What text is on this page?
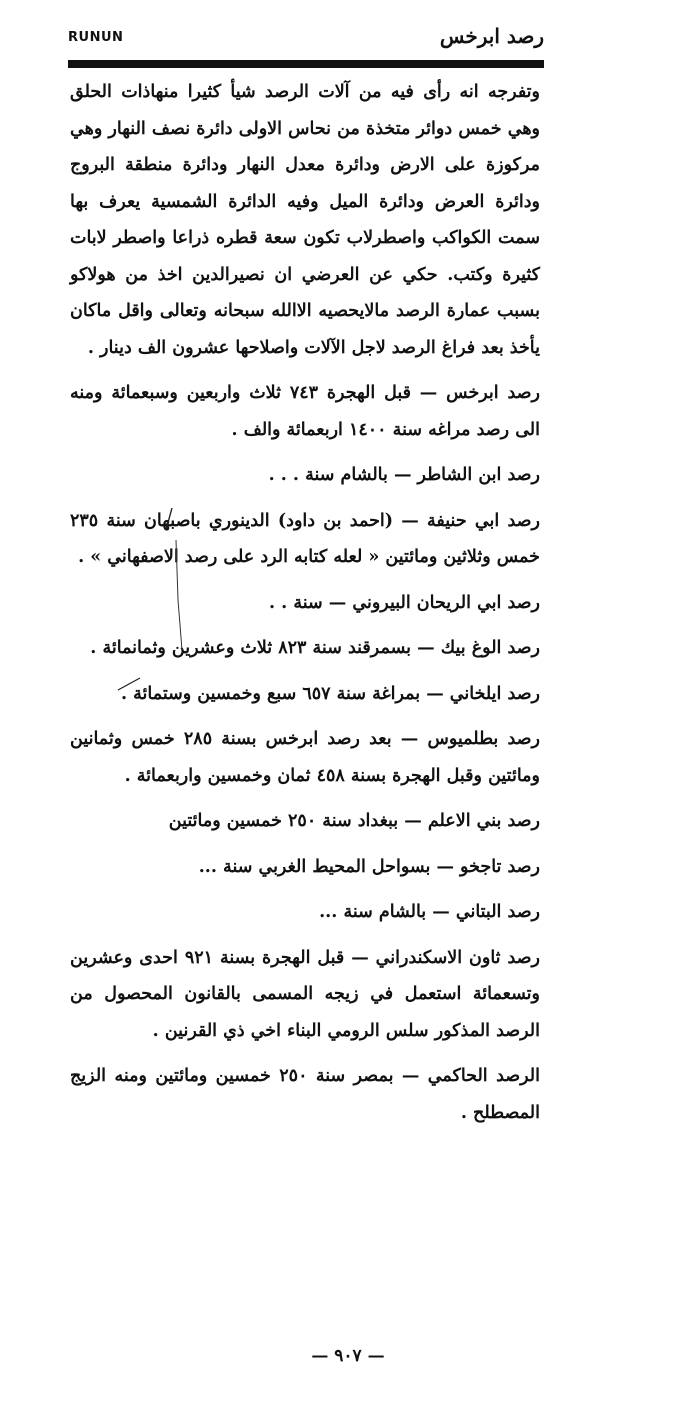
RUNUN	رصد ابرخس

وتفرجه انه رأى فيه من آلات الرصد شيأ كثيرا منهاذات الحلق وهي خمس دوائر متخذة من نحاس الاولى دائرة نصف النهار وهي مركوزة على الارض ودائرة معدل النهار ودائرة منطقة البروج ودائرة العرض ودائرة الميل وفيه الدائرة الشمسية يعرف بها سمت الكواكب واصطرلاب تكون سعة قطره ذراعا واصطر لابات كثيرة وكتب. حكي عن العرضي ان نصيرالدين اخذ من هولاكو بسبب عمارة الرصد مالايحصيه الاالله سبحانه وتعالى واقل ماكان يأخذ بعد فراغ الرصد لاجل الآلات واصلاحها عشرون الف دينار .

رصد ابرخس — قبل الهجرة ٧٤٣ ثلاث واربعين وسبعمائة ومنه الى رصد مراغه سنة ١٤٠٠ اربعمائة والف .

رصد ابن الشاطر — بالشام سنة . . .

رصد ابي حنيفة — (احمد بن داود) الدينوري باصبهان سنة ٢٣٥ خمس وثلاثين ومائتين « لعله كتابه الرد على رصد الاصفهاني » .

رصد ابي الريحان البيروني — سنة . .

رصد الوغ بيك — بسمرقند سنة ٨٢٣ ثلاث وعشرين وثمانمائة .

رصد ايلخاني — بمراغة سنة ٦٥٧ سبع وخمسين وستمائة .

رصد بطلميوس — بعد رصد ابرخس بسنة ٢٨٥ خمس وثمانين ومائتين وقبل الهجرة بسنة ٤٥٨ ثمان وخمسين واربعمائة .

رصد بني الاعلم — ببغداد سنة ٢٥٠ خمسين ومائتين

رصد تاجخو — بسواحل المحيط الغربي سنة ...

رصد البتاني — بالشام سنة ...

رصد ثاون الاسكندراني — قبل الهجرة بسنة ٩٢١ احدى وعشرين وتسعمائة استعمل في زيجه المسمى بالقانون المحصول من الرصد المذكور سلس الرومي البناء اخي ذي القرنين .

الرصد الحاكمي — بمصر سنة ٢٥٠ خمسين ومائتين ومنه الزيج المصطلح .

— ٩٠٧ —
